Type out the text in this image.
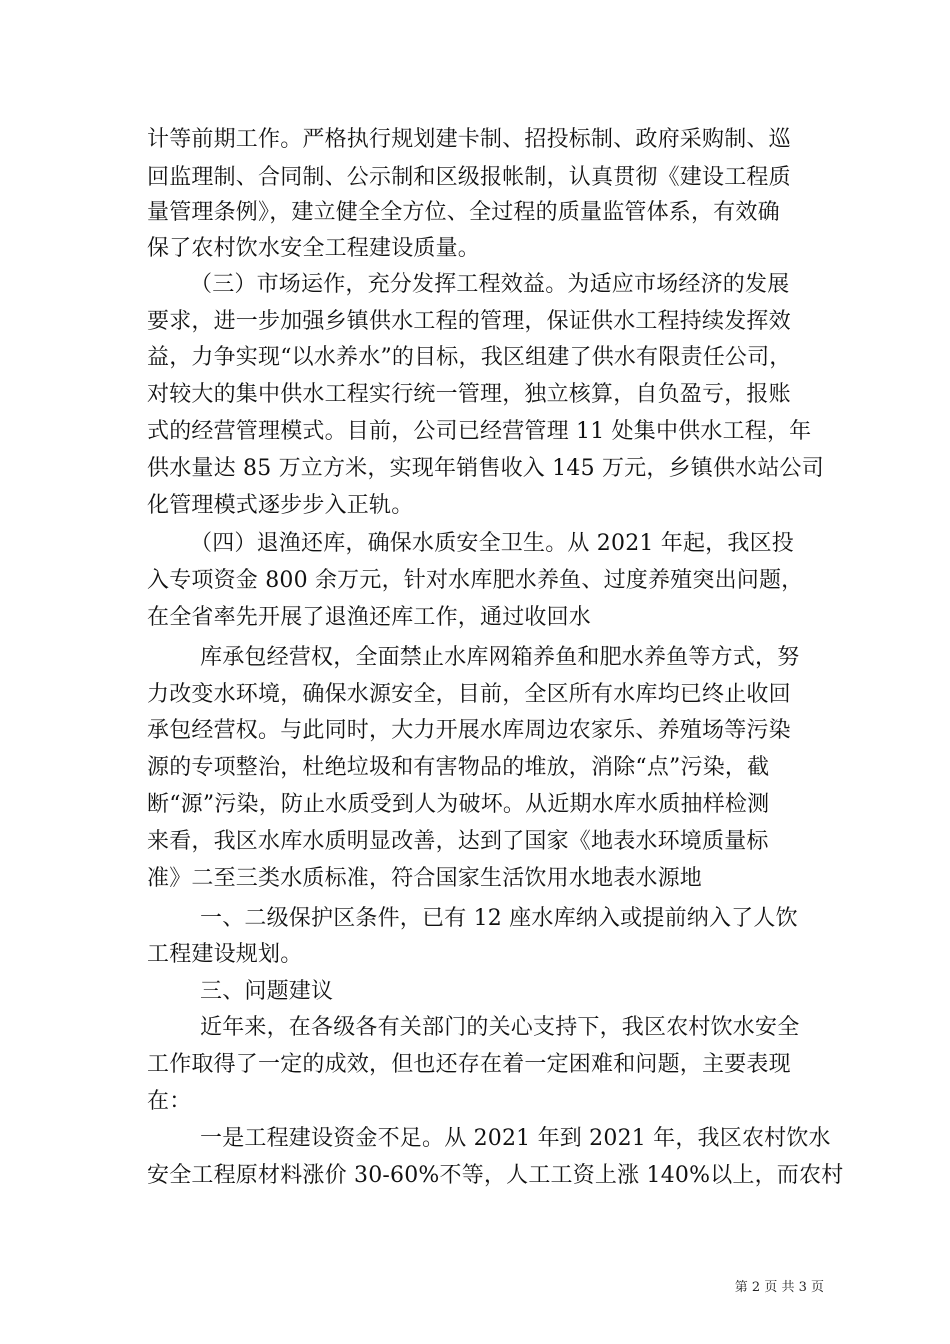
计等前期工作。严格执行规划建卡制、招投标制、政府采购制、巡
回监理制、合同制、公示制和区级报帐制，认真贯彻《建设工程质
量管理条例》，建立健全全方位、全过程的质量监管体系，有效确
保了农村饮水安全工程建设质量。
（三）市场运作，充分发挥工程效益。为适应市场经济的发展
要求，进一步加强乡镇供水工程的管理，保证供水工程持续发挥效
益，力争实现“以水养水”的目标，我区组建了供水有限责任公司，
对较大的集中供水工程实行统一管理，独立核算，自负盈亏，报账
式的经营管理模式。目前，公司已经营管理 11 处集中供水工程，年
供水量达 85 万立方米，实现年销售收入 145 万元，乡镇供水站公司
化管理模式逐步步入正轨。
（四）退渔还库，确保水质安全卫生。从 2021 年起，我区投
入专项资金 800 余万元，针对水库肥水养鱼、过度养殖突出问题，
在全省率先开展了退渔还库工作，通过收回水
库承包经营权，全面禁止水库网箱养鱼和肥水养鱼等方式，努
力改变水环境，确保水源安全，目前，全区所有水库均已终止收回
承包经营权。与此同时，大力开展水库周边农家乐、养殖场等污染
源的专项整治，杜绝垃圾和有害物品的堆放，消除“点”污染，截
断“源”污染，防止水质受到人为破坏。从近期水库水质抽样检测
来看，我区水库水质明显改善，达到了国家《地表水环境质量标
准》二至三类水质标准，符合国家生活饮用水地表水源地
一、二级保护区条件，已有 12 座水库纳入或提前纳入了人饮
工程建设规划。
三、问题建议
近年来，在各级各有关部门的关心支持下，我区农村饮水安全
工作取得了一定的成效，但也还存在着一定困难和问题，主要表现
在：
一是工程建设资金不足。从 2021 年到 2021 年，我区农村饮水
安全工程原材料涨价 30-60%不等，人工工资上涨 140%以上，而农村
第 2 页 共 3 页
